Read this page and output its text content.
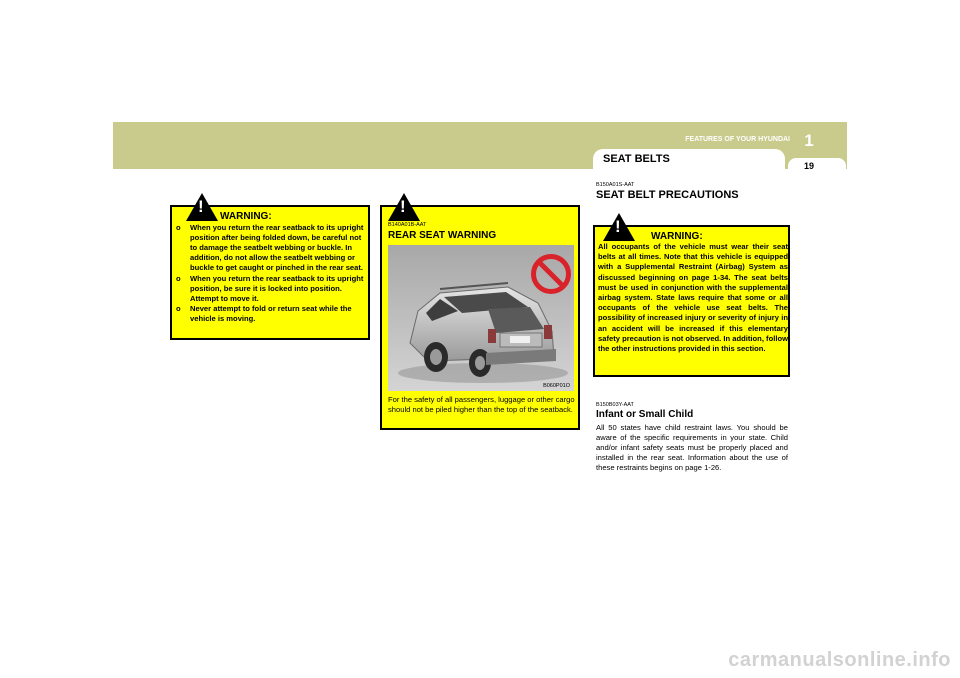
FEATURES OF YOUR HYUNDAI 1
SEAT BELTS
19
!
WARNING:
o When you return the rear seatback to its upright position after being folded down, be careful not to damage the seatbelt webbing or buckle. In addition, do not allow the seatbelt webbing or buckle to get caught or pinched in the rear seat.
o When you return the rear seatback to its upright position, be sure it is locked into position. Attempt to move it.
o Never attempt to fold or return seat while the vehicle is moving.
!
B140A01B-AAT
REAR SEAT WARNING
B060P01O
For the safety of all passengers, luggage or other cargo should not be piled higher than the top of the seatback.
B150A01S-AAT
SEAT BELT PRECAUTIONS
!
WARNING:
All occupants of the vehicle must wear their seat belts at all times. Note that this vehicle is equipped with a Supplemental Restraint (Airbag) System as discussed beginning on page 1-34. The seat belts must be used in conjunction with the supplemental airbag system. State laws require that some or all occupants of the vehicle use seat belts. The possibility of increased injury or severity of injury in an accident will be increased if this elementary safety precaution is not observed. In addition, follow the other instructions provided in this section.
B150B03Y-AAT
Infant or Small Child
All 50 states have child restraint laws. You should be aware of the specific requirements in your state. Child and/or infant safety seats must be properly placed and installed in the rear seat. Information about the use of these restraints begins on page 1-26.
carmanualsonline.info
